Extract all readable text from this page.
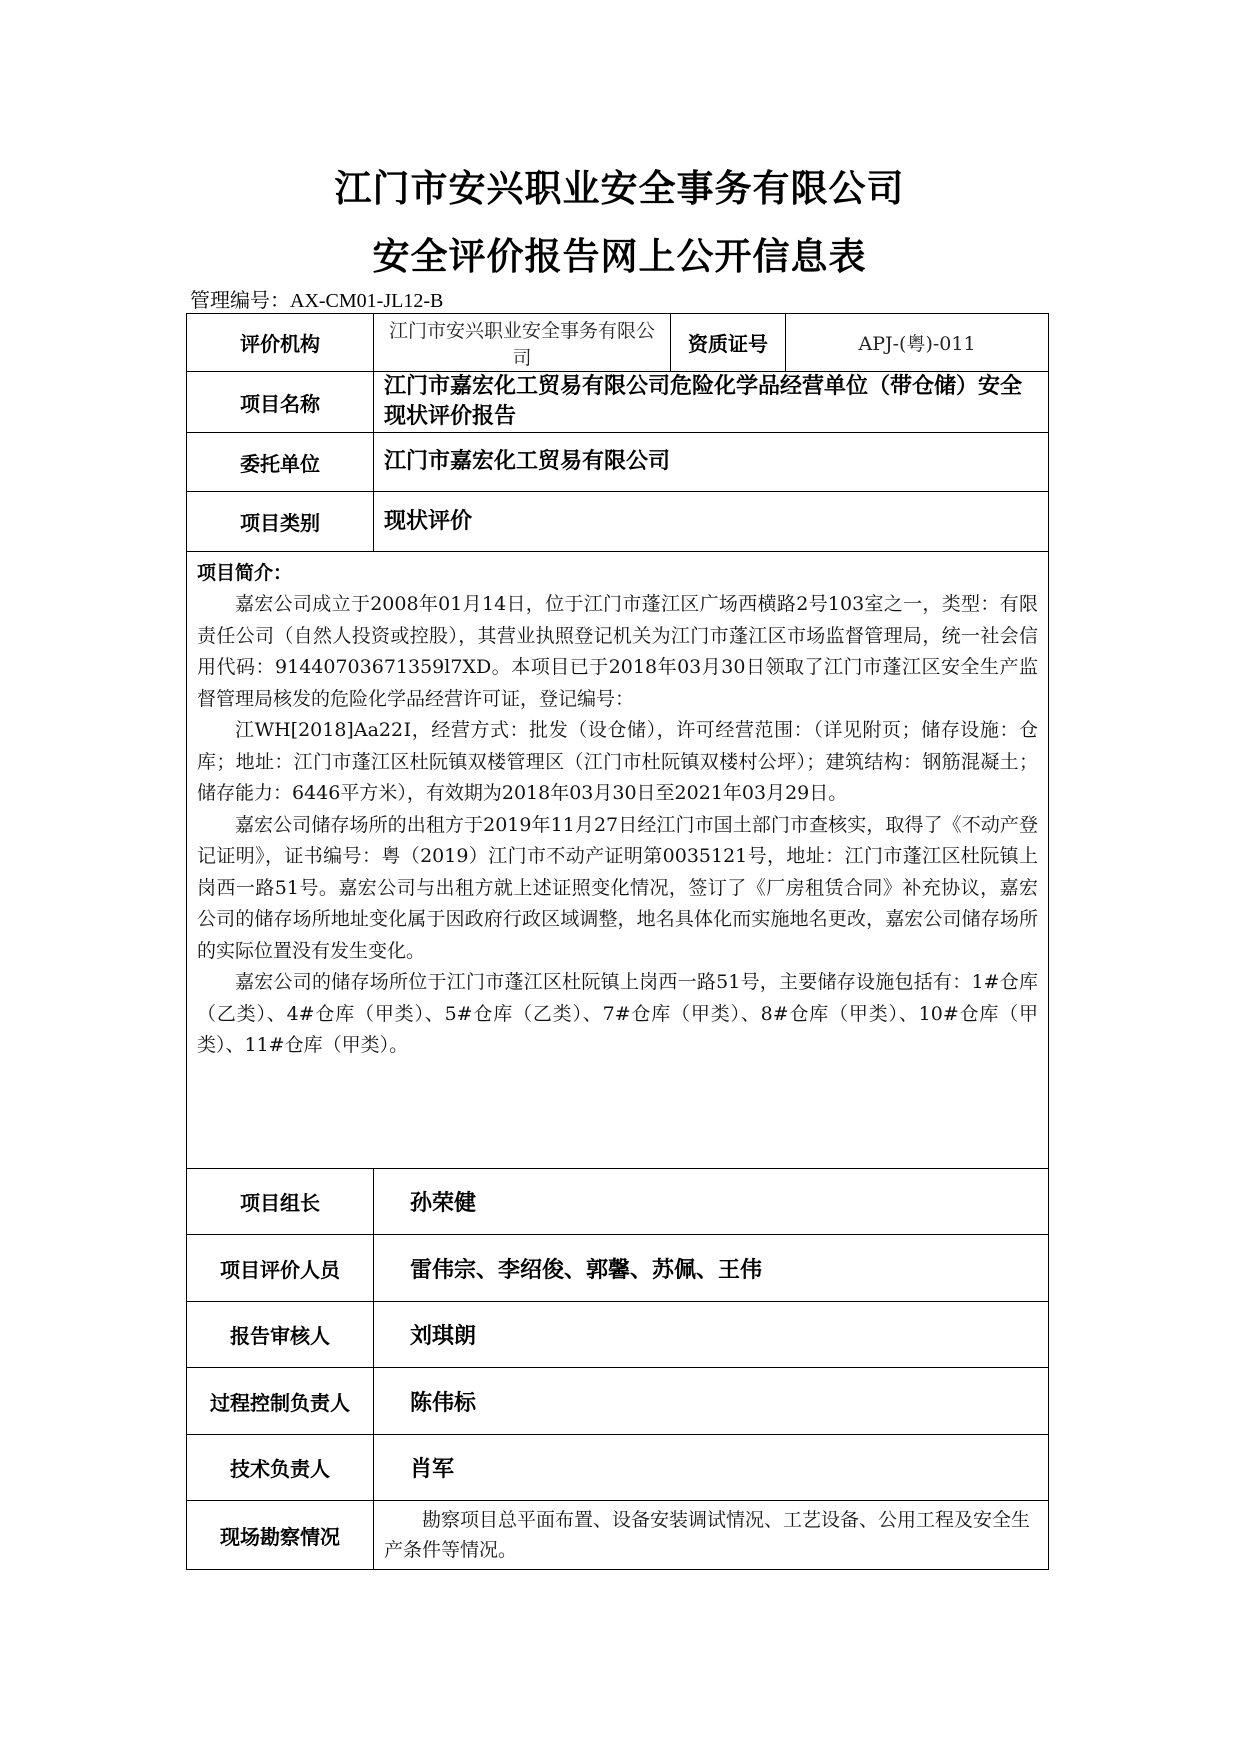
江门市安兴职业安全事务有限公司
安全评价报告网上公开信息表
管理编号：AX-CM01-JL12-B
评价机构	江门市安兴职业安全事务有限公司	资质证号	APJ-(粤)-011
项目名称	江门市嘉宏化工贸易有限公司危险化学品经营单位（带仓储）安全现状评价报告		
委托单位	江门市嘉宏化工贸易有限公司		
项目类别	现状评价		

项目简介：

嘉宏公司成立于2008年01月14日，位于江门市蓬江区广场西横路2号103室之一，类型：有限责任公司（自然人投资或控股），其营业执照登记机关为江门市蓬江区市场监督管理局，统一社会信用代码：91440703671359l7XD。本项目已于2018年03月30日领取了江门市蓬江区安全生产监督管理局核发的危险化学品经营许可证，登记编号：

江WH[2018]Aa22Ⅰ，经营方式：批发（设仓储），许可经营范围：（详见附页；储存设施：仓库；地址：江门市蓬江区杜阮镇双楼管理区（江门市杜阮镇双楼村公坪）；建筑结构：钢筋混凝土；储存能力：6446平方米），有效期为2018年03月30日至2021年03月29日。

嘉宏公司储存场所的出租方于2019年11月27日经江门市国土部门市查核实，取得了《不动产登记证明》，证书编号：粤（2019）江门市不动产证明第0035121号，地址：江门市蓬江区杜阮镇上岗西一路51号。嘉宏公司与出租方就上述证照变化情况，签订了《厂房租赁合同》补充协议，嘉宏公司的储存场所地址变化属于因政府行政区域调整，地名具体化而实施地名更改，嘉宏公司储存场所的实际位置没有发生变化。

嘉宏公司的储存场所位于江门市蓬江区杜阮镇上岗西一路51号，主要储存设施包括有：1#仓库（乙类）、4#仓库（甲类）、5#仓库（乙类）、7#仓库（甲类）、8#仓库（甲类）、10#仓库（甲类）、11#仓库（甲类）。			

项目组长	孙荣健		
项目评价人员	雷伟宗、李绍俊、郭馨、苏佩、王伟		
报告审核人	刘琪朗		
过程控制负责人	陈伟标		
技术负责人	肖军		
现场勘察情况	勘察项目总平面布置、设备安装调试情况、工艺设备、公用工程及安全生产条件等情况。		
